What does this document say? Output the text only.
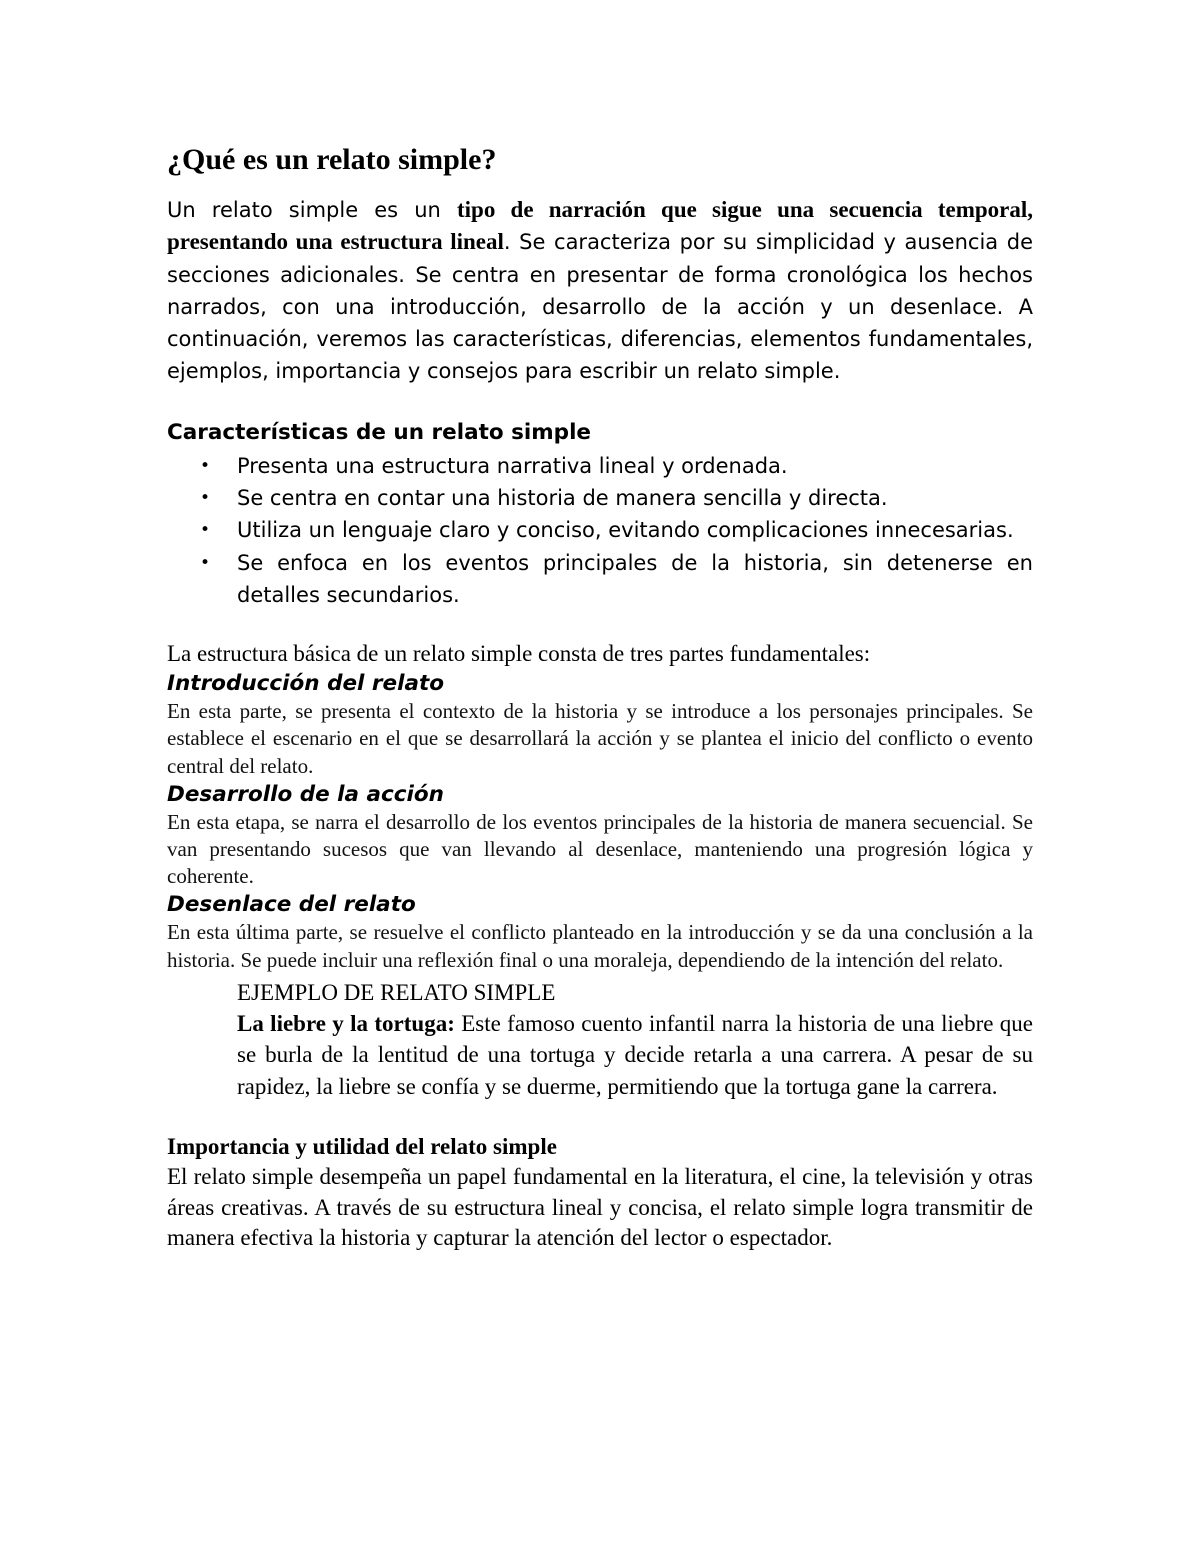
¿Qué es un relato simple?

Un relato simple es un tipo de narración que sigue una secuencia temporal, presentando una estructura lineal. Se caracteriza por su simplicidad y ausencia de secciones adicionales. Se centra en presentar de forma cronológica los hechos narrados, con una introducción, desarrollo de la acción y un desenlace. A continuación, veremos las características, diferencias, elementos fundamentales, ejemplos, importancia y consejos para escribir un relato simple.

Características de un relato simple
• Presenta una estructura narrativa lineal y ordenada.
• Se centra en contar una historia de manera sencilla y directa.
• Utiliza un lenguaje claro y conciso, evitando complicaciones innecesarias.
• Se enfoca en los eventos principales de la historia, sin detenerse en detalles secundarios.

La estructura básica de un relato simple consta de tres partes fundamentales:

Introducción del relato

En esta parte, se presenta el contexto de la historia y se introduce a los personajes principales. Se establece el escenario en el que se desarrollará la acción y se plantea el inicio del conflicto o evento central del relato.

Desarrollo de la acción

En esta etapa, se narra el desarrollo de los eventos principales de la historia de manera secuencial. Se van presentando sucesos que van llevando al desenlace, manteniendo una progresión lógica y coherente.

Desenlace del relato

En esta última parte, se resuelve el conflicto planteado en la introducción y se da una conclusión a la historia. Se puede incluir una reflexión final o una moraleja, dependiendo de la intención del relato.

EJEMPLO DE RELATO SIMPLE
La liebre y la tortuga: Este famoso cuento infantil narra la historia de una liebre que se burla de la lentitud de una tortuga y decide retarla a una carrera. A pesar de su rapidez, la liebre se confía y se duerme, permitiendo que la tortuga gane la carrera.
Importancia y utilidad del relato simple

El relato simple desempeña un papel fundamental en la literatura, el cine, la televisión y otras áreas creativas. A través de su estructura lineal y concisa, el relato simple logra transmitir de manera efectiva la historia y capturar la atención del lector o espectador.
